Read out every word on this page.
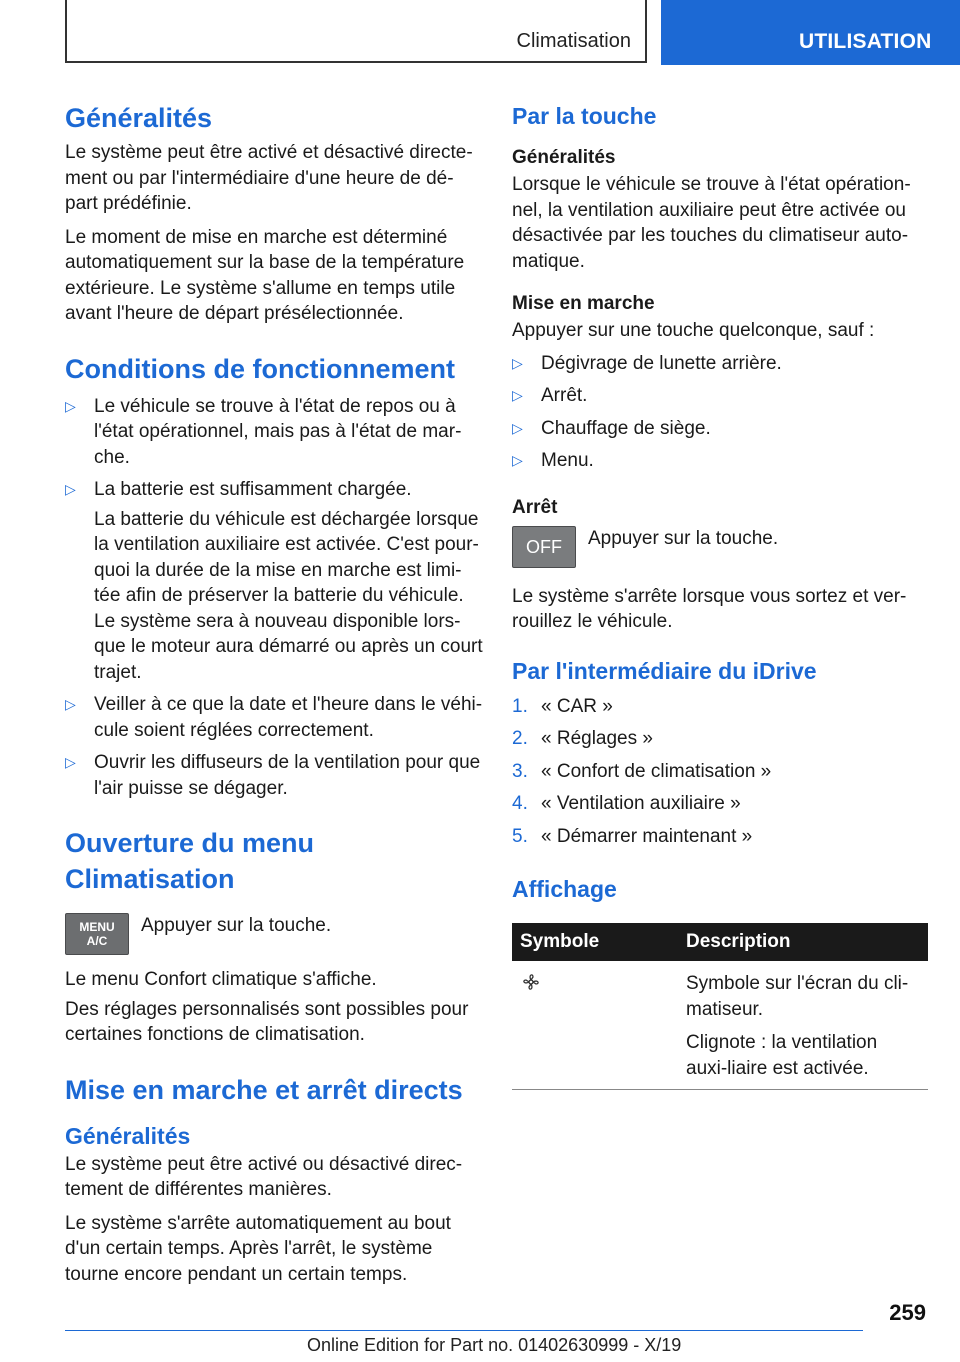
Climatisation	UTILISATION
Généralités

Le système peut être activé et désactivé directe-ment ou par l'intermédiaire d'une heure de dé-part prédéfinie.

Le moment de mise en marche est déterminé automatiquement sur la base de la température extérieure. Le système s'allume en temps utile avant l'heure de départ présélectionnée.

Conditions de fonctionnement
▷ Le véhicule se trouve à l'état de repos ou à l'état opérationnel, mais pas à l'état de mar-che.
▷ La batterie est suffisamment chargée.

La batterie du véhicule est déchargée lorsque la ventilation auxiliaire est activée. C'est pour-quoi la durée de la mise en marche est limi-tée afin de préserver la batterie du véhicule. Le système sera à nouveau disponible lors-que le moteur aura démarré ou après un court trajet.

▷ Veiller à ce que la date et l'heure dans le véhi-cule soient réglées correctement.
▷ Ouvrir les diffuseurs de la ventilation pour que l'air puisse se dégager.
Ouverture du menu Climatisation
MENU
A/C
Appuyer sur la touche.

Le menu Confort climatique s'affiche.

Des réglages personnalisés sont possibles pour certaines fonctions de climatisation.

Mise en marche et arrêt directs
Généralités

Le système peut être activé ou désactivé direc-tement de différentes manières.

Le système s'arrête automatiquement au bout d'un certain temps. Après l'arrêt, le système tourne encore pendant un certain temps.

Par la touche
Généralités

Lorsque le véhicule se trouve à l'état opération-nel, la ventilation auxiliaire peut être activée ou désactivée par les touches du climatiseur auto-matique.

Mise en marche

Appuyer sur une touche quelconque, sauf :

▷ Dégivrage de lunette arrière.
▷ Arrêt.
▷ Chauffage de siège.
▷ Menu.
Arrêt
OFF	Appuyer sur la touche.

Le système s'arrête lorsque vous sortez et ver-rouillez le véhicule.

Par l'intermédiaire du iDrive
1. « CAR »
2. « Réglages »
3. « Confort de climatisation »
4. « Ventilation auxiliaire »
5. « Démarrer maintenant »
Affichage
Symbole	Description

Symbole sur l'écran du cli-matiseur.

Clignote : la ventilation auxi-liaire est activée.

259
Online Edition for Part no. 01402630999 - X/19
